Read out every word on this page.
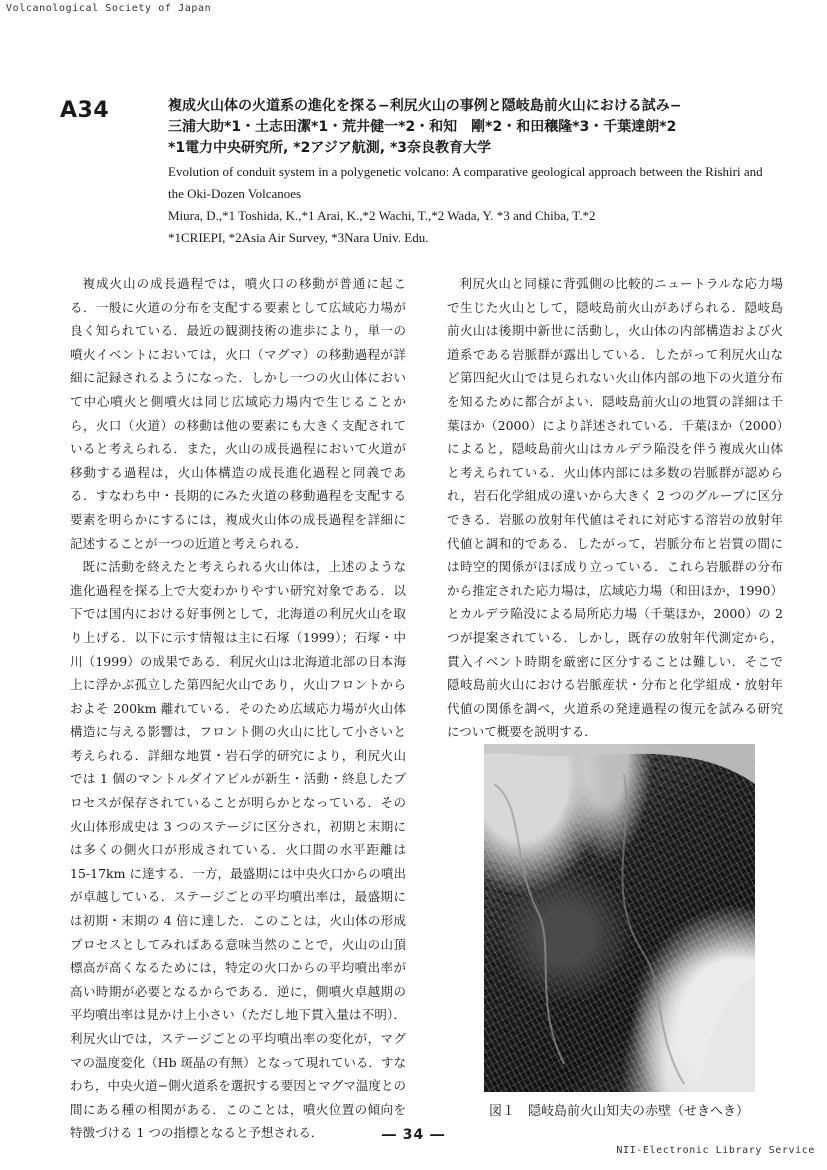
Volcanological Society of Japan
A34	複成火山体の火道系の進化を探る−利尻火山の事例と隠岐島前火山における試み−
三浦大助*1・土志田潔*1・荒井健一*2・和知　剛*2・和田穣隆*3・千葉達朗*2
*1電力中央研究所, *2アジア航測, *3奈良教育大学
Evolution of conduit system in a polygenetic volcano: A comparative geological approach between the Rishiri and
the Oki-Dozen Volcanoes
Miura, D.,*1 Toshida, K.,*1 Arai, K.,*2 Wachi, T.,*2 Wada, Y. *3 and Chiba, T.*2
*1CRIEPI, *2Asia Air Survey, *3Nara Univ. Edu.

複成火山の成長過程では，噴火口の移動が普通に起こる．一般に火道の分布を支配する要素として広域応力場が良く知られている．最近の観測技術の進歩により，単一の噴火イベントにおいては，火口（マグマ）の移動過程が詳細に記録されるようになった．しかし一つの火山体において中心噴火と側噴火は同じ広域応力場内で生じることから，火口（火道）の移動は他の要素にも大きく支配されていると考えられる．また，火山の成長過程において火道が移動する過程は，火山体構造の成長進化過程と同義である．すなわち中・長期的にみた火道の移動過程を支配する要素を明らかにするには，複成火山体の成長過程を詳細に記述することが一つの近道と考えられる．

既に活動を終えたと考えられる火山体は，上述のような進化過程を探る上で大変わかりやすい研究対象である．以下では国内における好事例として，北海道の利尻火山を取り上げる．以下に示す情報は主に石塚（1999）；石塚・中川（1999）の成果である．利尻火山は北海道北部の日本海上に浮かぶ孤立した第四紀火山であり，火山フロントからおよそ 200km 離れている．そのため広域応力場が火山体構造に与える影響は，フロント側の火山に比して小さいと考えられる．詳細な地質・岩石学的研究により，利尻火山では 1 個のマントルダイアピルが新生・活動・終息したプロセスが保存されていることが明らかとなっている．その火山体形成史は 3 つのステージに区分され，初期と末期には多くの側火口が形成されている．火口間の水平距離は 15-17km に達する．一方，最盛期には中央火口からの噴出が卓越している．ステージごとの平均噴出率は，最盛期には初期・末期の 4 倍に達した．このことは，火山体の形成プロセスとしてみればある意味当然のことで，火山の山頂標高が高くなるためには，特定の火口からの平均噴出率が高い時期が必要となるからである．逆に，側噴火卓越期の平均噴出率は見かけ上小さい（ただし地下貫入量は不明）．利尻火山では，ステージごとの平均噴出率の変化が，マグマの温度変化（Hb 斑晶の有無）となって現れている．すなわち，中央火道−側火道系を選択する要因とマグマ温度との間にある種の相関がある．このことは，噴火位置の傾向を特徴づける 1 つの指標となると予想される．

利尻火山と同様に背弧側の比較的ニュートラルな応力場で生じた火山として，隠岐島前火山があげられる．隠岐島前火山は後期中新世に活動し，火山体の内部構造および火道系である岩脈群が露出している．したがって利尻火山など第四紀火山では見られない火山体内部の地下の火道分布を知るために都合がよい．隠岐島前火山の地質の詳細は千葉ほか（2000）により詳述されている．千葉ほか（2000）によると，隠岐島前火山はカルデラ陥没を伴う複成火山体と考えられている．火山体内部には多数の岩脈群が認められ，岩石化学組成の違いから大きく 2 つのグループに区分できる．岩脈の放射年代値はそれに対応する溶岩の放射年代値と調和的である．したがって，岩脈分布と岩質の間には時空的関係がほぼ成り立っている．これら岩脈群の分布から推定された応力場は，広域応力場（和田ほか，1990）とカルデラ陥没による局所応力場（千葉ほか，2000）の 2 つが提案されている．しかし，既存の放射年代測定から，貫入イベント時期を厳密に区分することは難しい．そこで隠岐島前火山における岩脈産状・分布と化学組成・放射年代値の関係を調べ，火道系の発達過程の復元を試みる研究について概要を説明する．

図１　隠岐島前火山知夫の赤壁（せきへき）
― 34 ―
NII-Electronic Library Service
